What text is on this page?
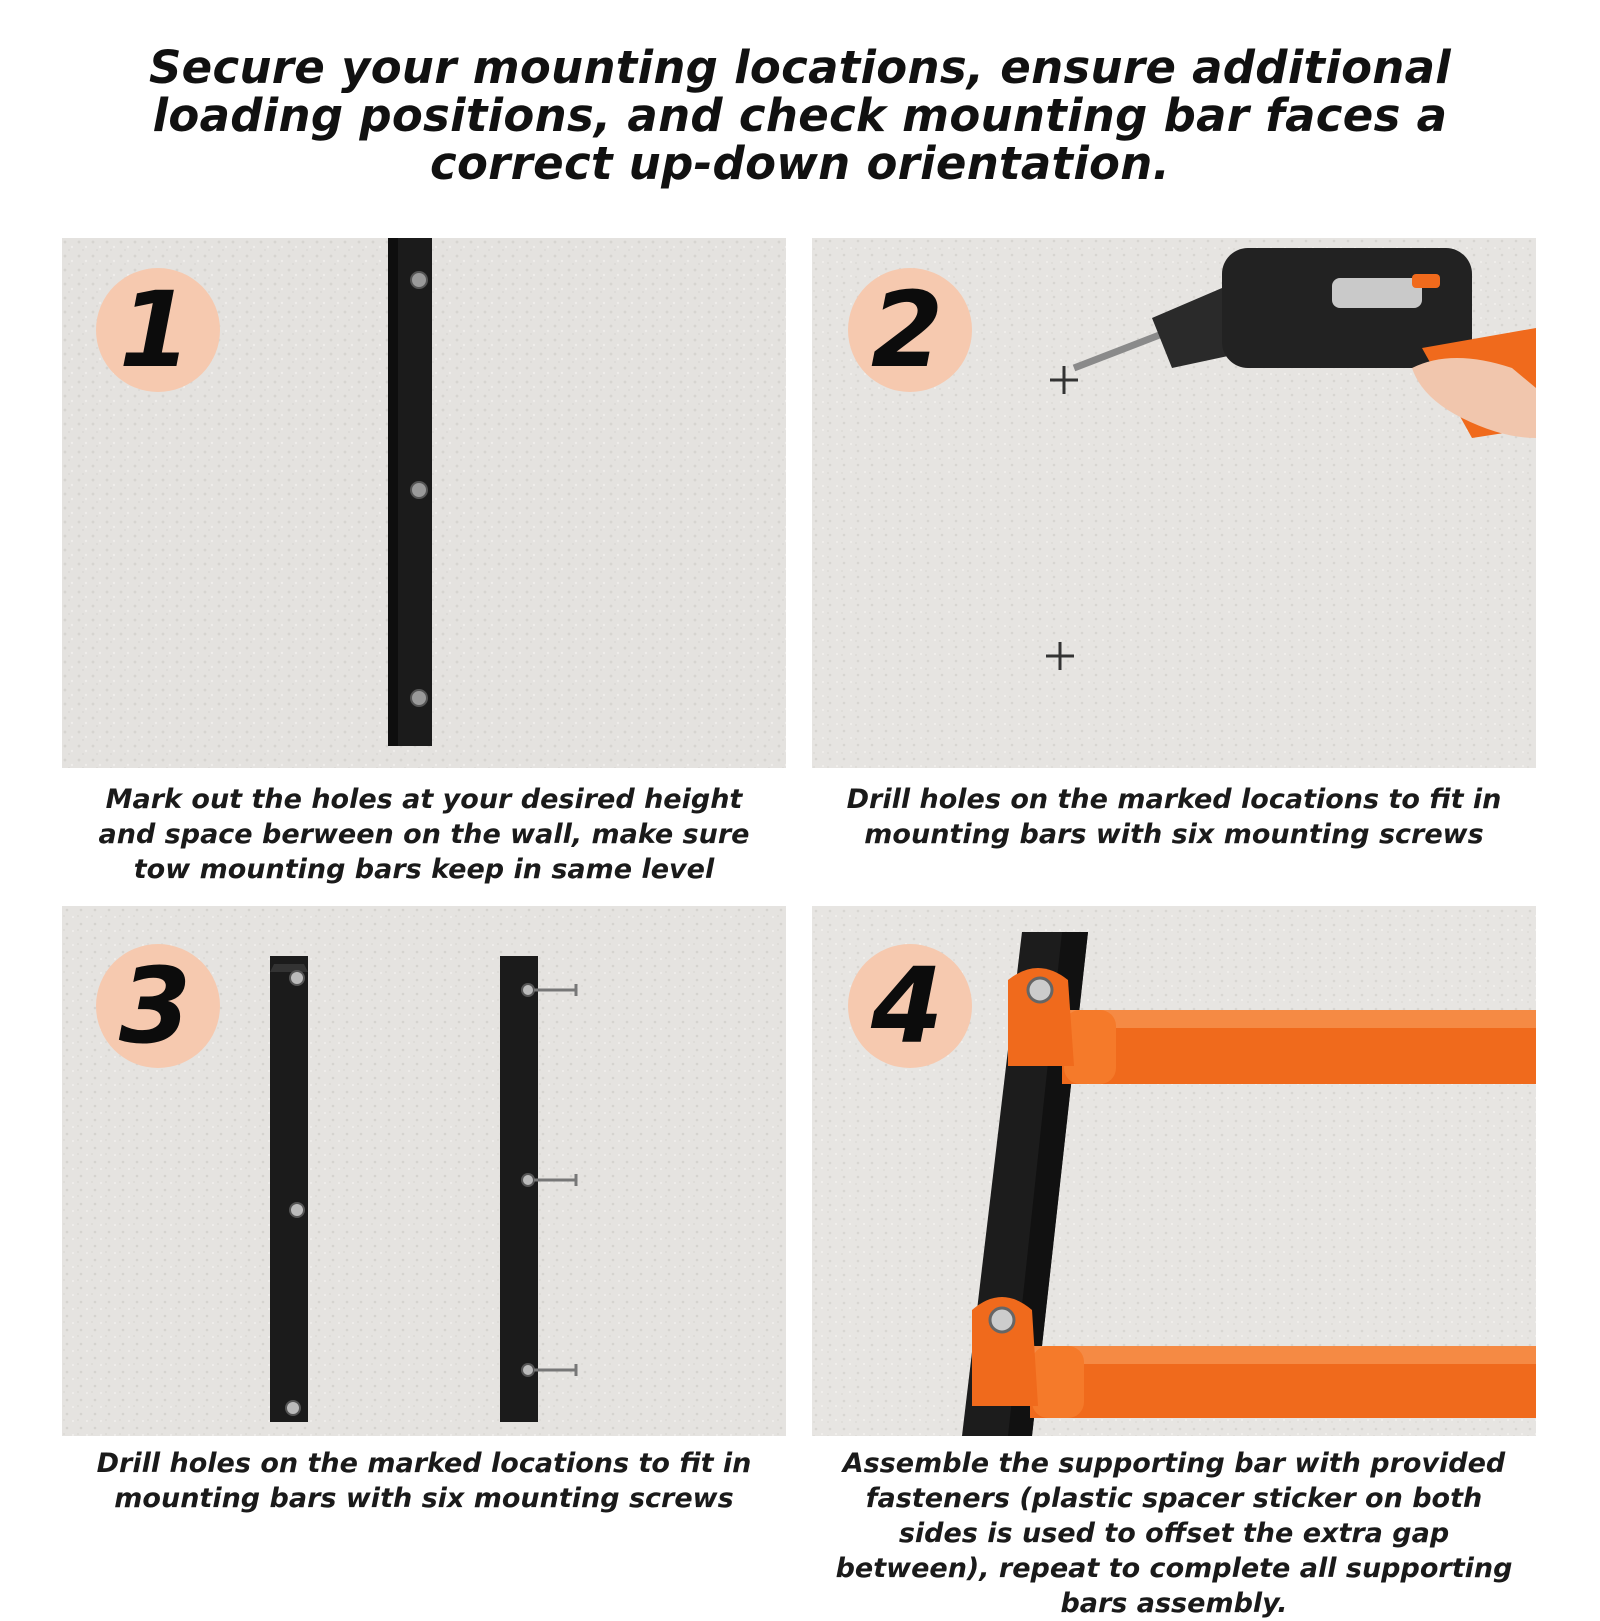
Secure your mounting locations, ensure additional loading positions, and check mounting bar faces a correct up-down orientation.
1
Mark out the holes at your desired height and space berween on the wall, make sure tow mounting bars keep in same level
2
Drill holes on the marked locations to fit in mounting bars with six mounting screws
3
Drill holes on the marked locations to fit in mounting bars with six mounting screws
4
Assemble the supporting bar with provided fasteners (plastic spacer sticker on both sides is used to offset the extra gap between), repeat to complete all supporting bars assembly.
